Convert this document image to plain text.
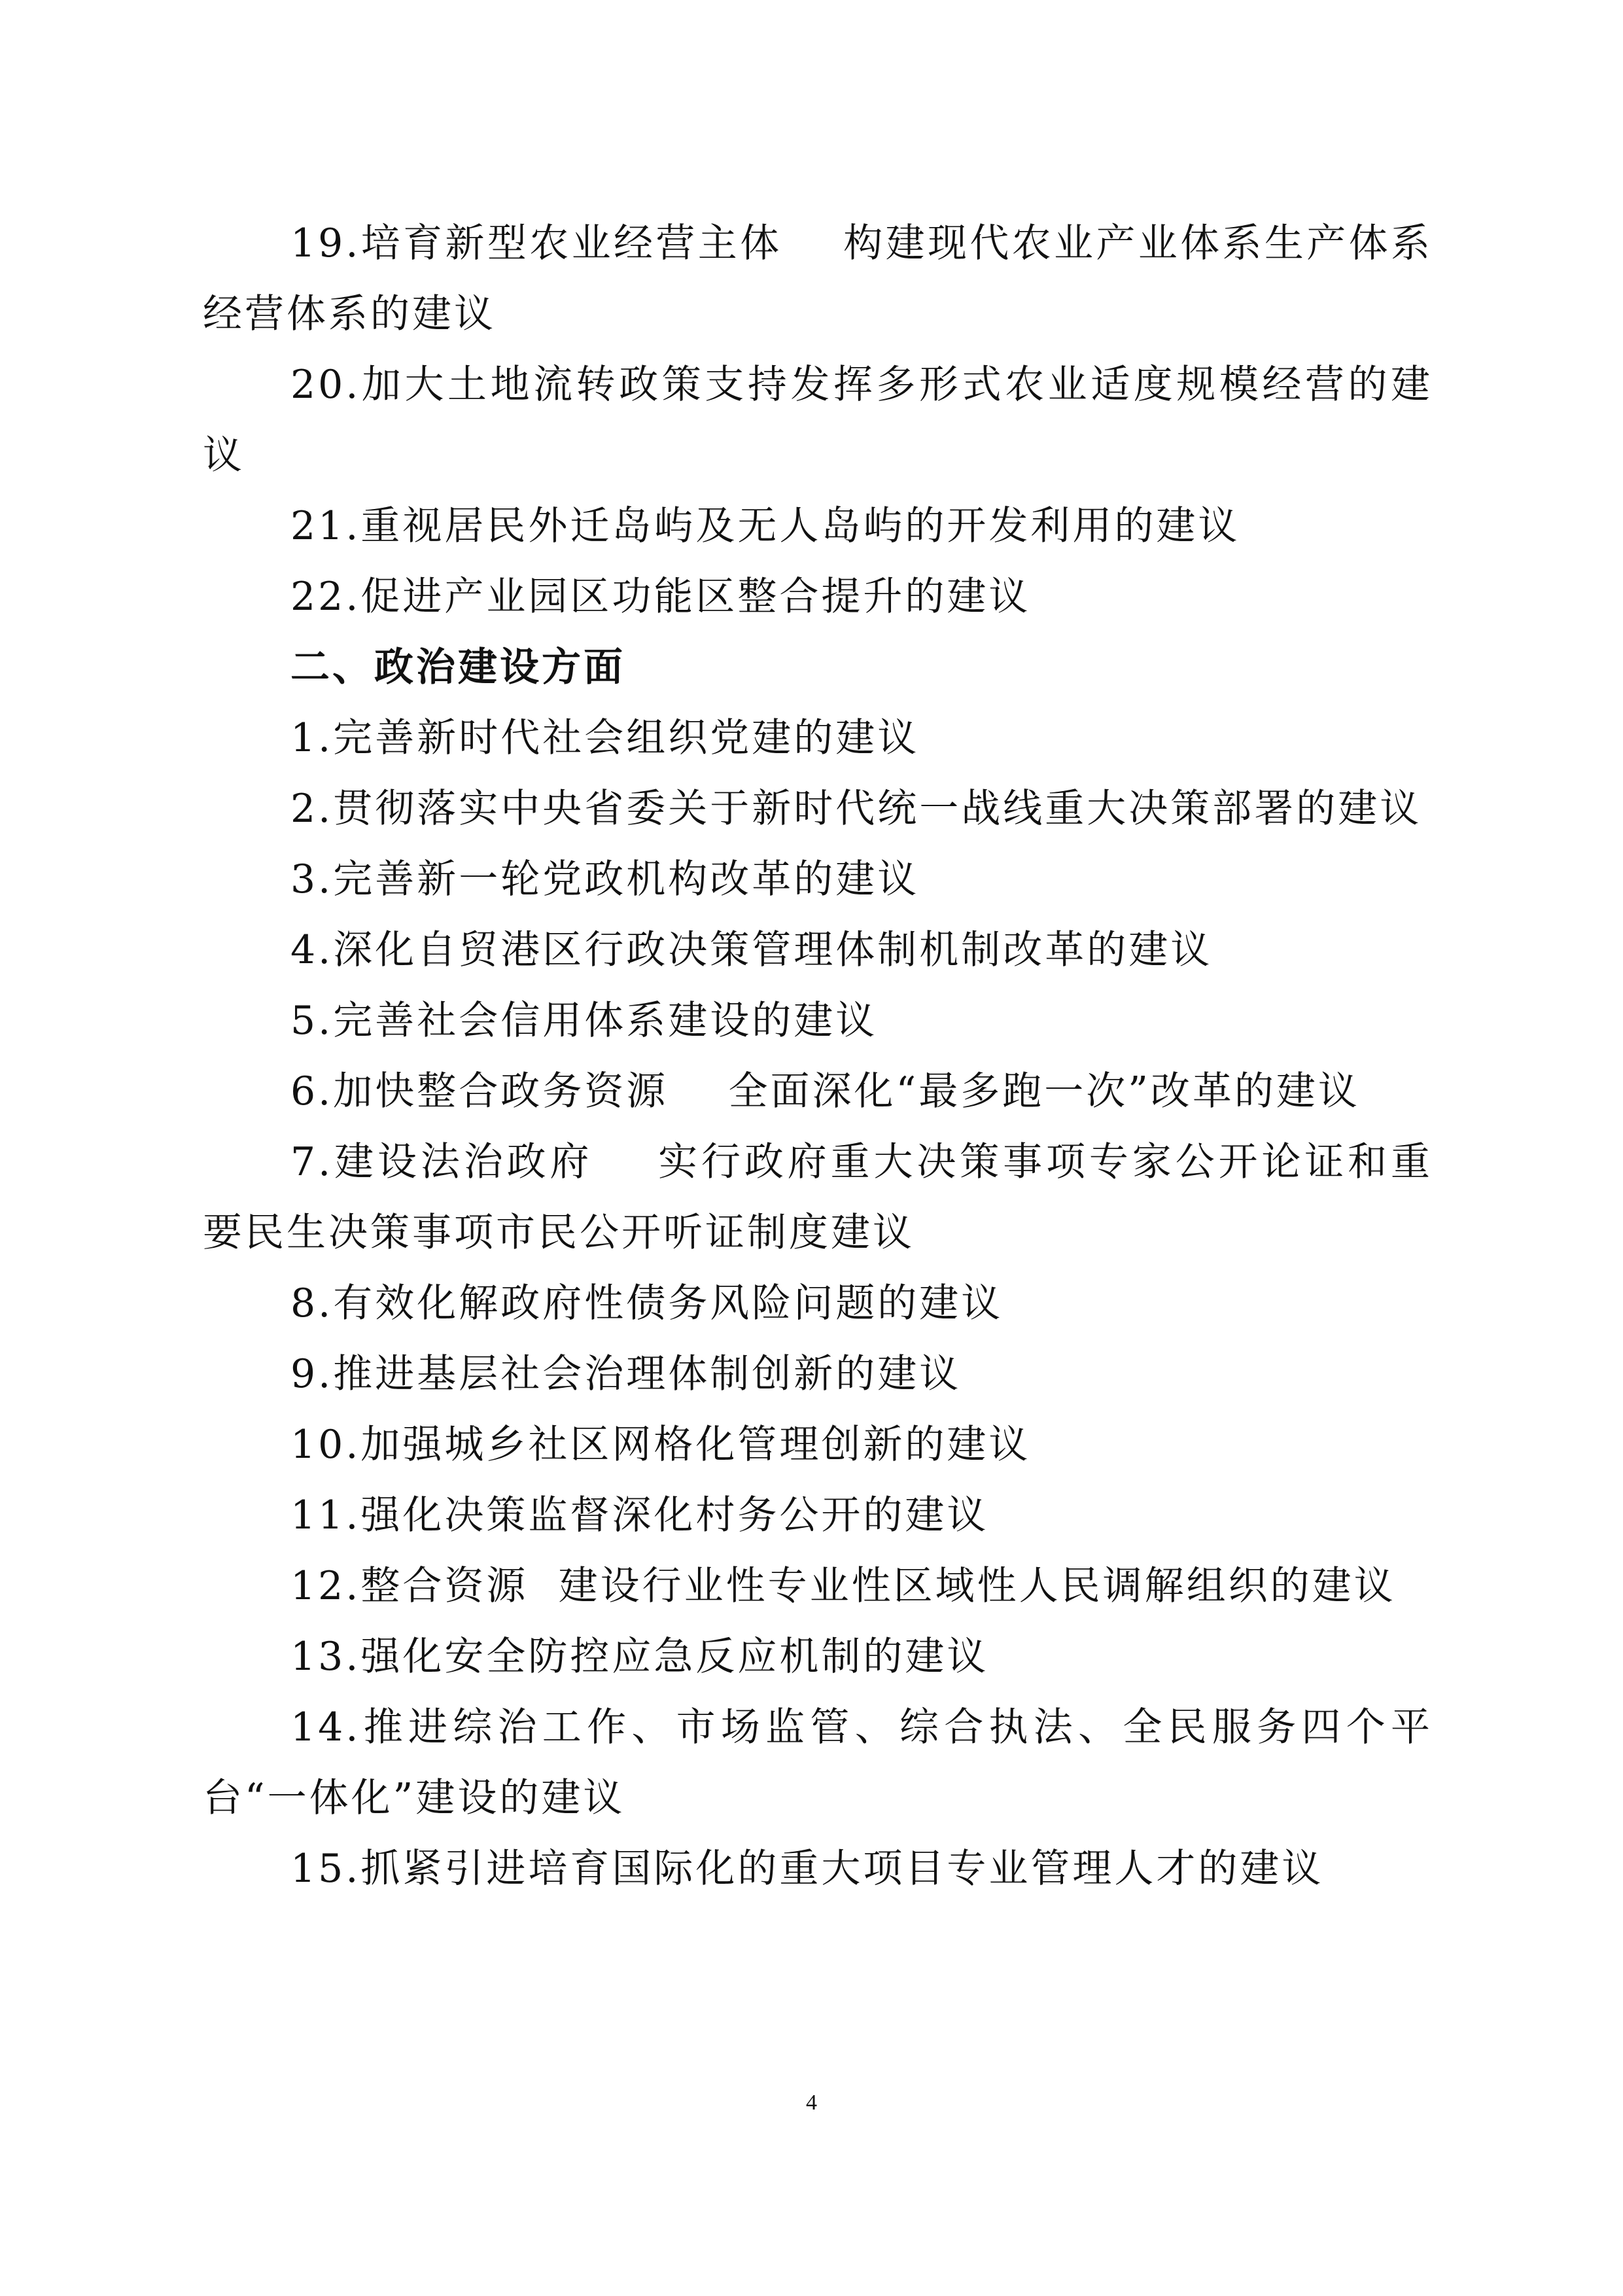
19.培育新型农业经营主体    构建现代农业产业体系生产体系经营体系的建议

20.加大土地流转政策支持发挥多形式农业适度规模经营的建议

21.重视居民外迁岛屿及无人岛屿的开发利用的建议

22.促进产业园区功能区整合提升的建议

二、政治建设方面

1.完善新时代社会组织党建的建议

2.贯彻落实中央省委关于新时代统一战线重大决策部署的建议

3.完善新一轮党政机构改革的建议

4.深化自贸港区行政决策管理体制机制改革的建议

5.完善社会信用体系建设的建议

6.加快整合政务资源    全面深化“最多跑一次”改革的建议

7.建设法治政府    实行政府重大决策事项专家公开论证和重要民生决策事项市民公开听证制度建议

8.有效化解政府性债务风险问题的建议

9.推进基层社会治理体制创新的建议

10.加强城乡社区网格化管理创新的建议

11.强化决策监督深化村务公开的建议

12.整合资源  建设行业性专业性区域性人民调解组织的建议

13.强化安全防控应急反应机制的建议

14.推进综治工作、市场监管、综合执法、全民服务四个平台“一体化”建设的建议

15.抓紧引进培育国际化的重大项目专业管理人才的建议

4
